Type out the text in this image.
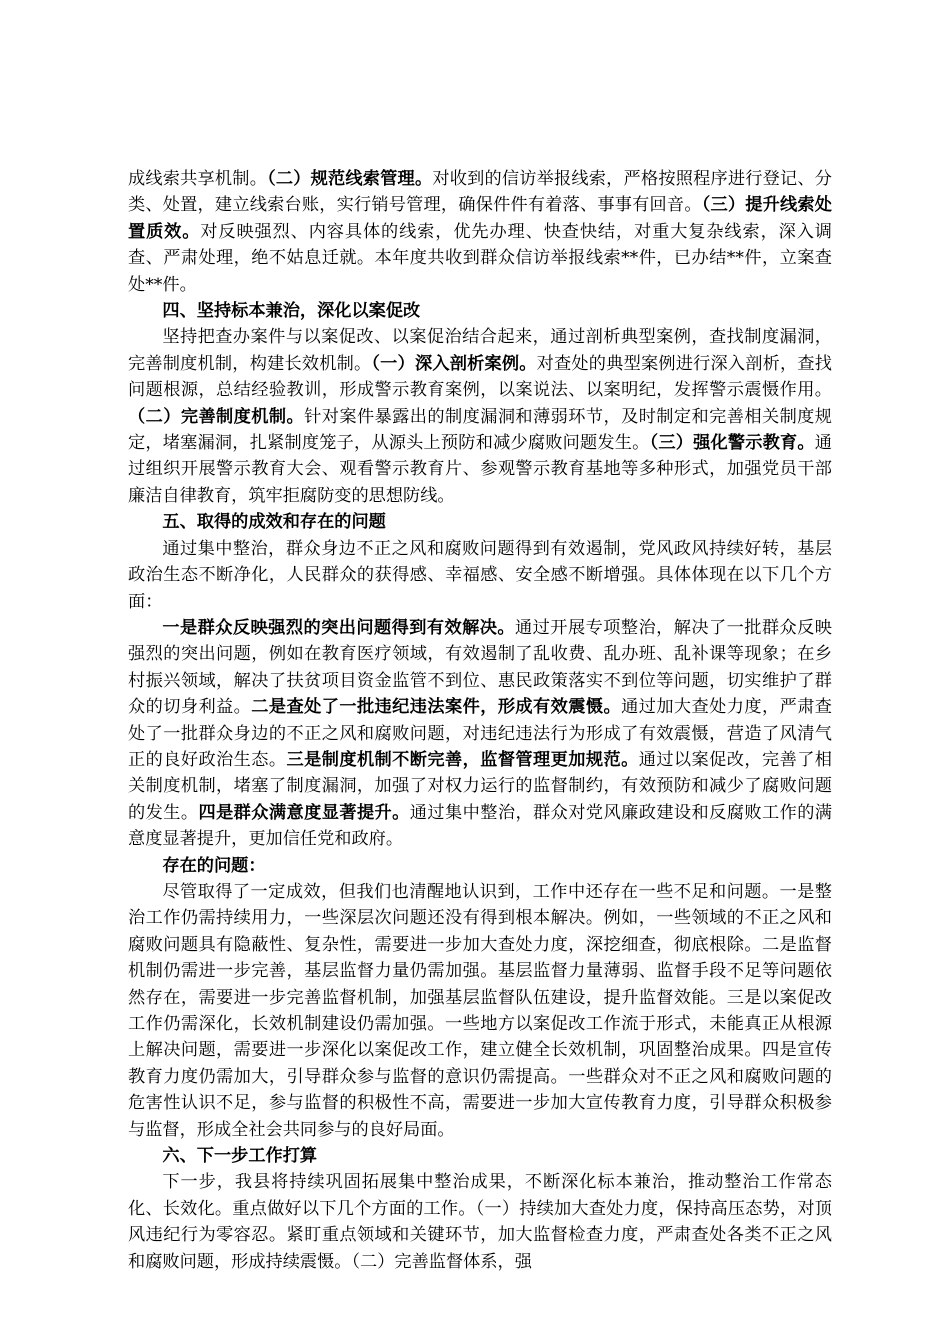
成线索共享机制。（二）规范线索管理。对收到的信访举报线索，严格按照程序进行登记、分类、处置，建立线索台账，实行销号管理，确保件件有着落、事事有回音。（三）提升线索处置质效。对反映强烈、内容具体的线索，优先办理、快查快结，对重大复杂线索，深入调查、严肃处理，绝不姑息迁就。本年度共收到群众信访举报线索**件，已办结**件，立案查处**件。

四、坚持标本兼治，深化以案促改

坚持把查办案件与以案促改、以案促治结合起来，通过剖析典型案例，查找制度漏洞，完善制度机制，构建长效机制。（一）深入剖析案例。对查处的典型案例进行深入剖析，查找问题根源，总结经验教训，形成警示教育案例，以案说法、以案明纪，发挥警示震慑作用。（二）完善制度机制。针对案件暴露出的制度漏洞和薄弱环节，及时制定和完善相关制度规定，堵塞漏洞，扎紧制度笼子，从源头上预防和减少腐败问题发生。（三）强化警示教育。通过组织开展警示教育大会、观看警示教育片、参观警示教育基地等多种形式，加强党员干部廉洁自律教育，筑牢拒腐防变的思想防线。

五、取得的成效和存在的问题

通过集中整治，群众身边不正之风和腐败问题得到有效遏制，党风政风持续好转，基层政治生态不断净化，人民群众的获得感、幸福感、安全感不断增强。具体体现在以下几个方面：

一是群众反映强烈的突出问题得到有效解决。通过开展专项整治，解决了一批群众反映强烈的突出问题，例如在教育医疗领域，有效遏制了乱收费、乱办班、乱补课等现象；在乡村振兴领域，解决了扶贫项目资金监管不到位、惠民政策落实不到位等问题，切实维护了群众的切身利益。二是查处了一批违纪违法案件，形成有效震慑。通过加大查处力度，严肃查处了一批群众身边的不正之风和腐败问题，对违纪违法行为形成了有效震慑，营造了风清气正的良好政治生态。三是制度机制不断完善，监督管理更加规范。通过以案促改，完善了相关制度机制，堵塞了制度漏洞，加强了对权力运行的监督制约，有效预防和减少了腐败问题的发生。四是群众满意度显著提升。通过集中整治，群众对党风廉政建设和反腐败工作的满意度显著提升，更加信任党和政府。

存在的问题：

尽管取得了一定成效，但我们也清醒地认识到，工作中还存在一些不足和问题。一是整治工作仍需持续用力，一些深层次问题还没有得到根本解决。例如，一些领域的不正之风和腐败问题具有隐蔽性、复杂性，需要进一步加大查处力度，深挖细查，彻底根除。二是监督机制仍需进一步完善，基层监督力量仍需加强。基层监督力量薄弱、监督手段不足等问题依然存在，需要进一步完善监督机制，加强基层监督队伍建设，提升监督效能。三是以案促改工作仍需深化，长效机制建设仍需加强。一些地方以案促改工作流于形式，未能真正从根源上解决问题，需要进一步深化以案促改工作，建立健全长效机制，巩固整治成果。四是宣传教育力度仍需加大，引导群众参与监督的意识仍需提高。一些群众对不正之风和腐败问题的危害性认识不足，参与监督的积极性不高，需要进一步加大宣传教育力度，引导群众积极参与监督，形成全社会共同参与的良好局面。

六、下一步工作打算

下一步，我县将持续巩固拓展集中整治成果，不断深化标本兼治，推动整治工作常态化、长效化。重点做好以下几个方面的工作。（一）持续加大查处力度，保持高压态势，对顶风违纪行为零容忍。紧盯重点领域和关键环节，加大监督检查力度，严肃查处各类不正之风和腐败问题，形成持续震慑。（二）完善监督体系，强
